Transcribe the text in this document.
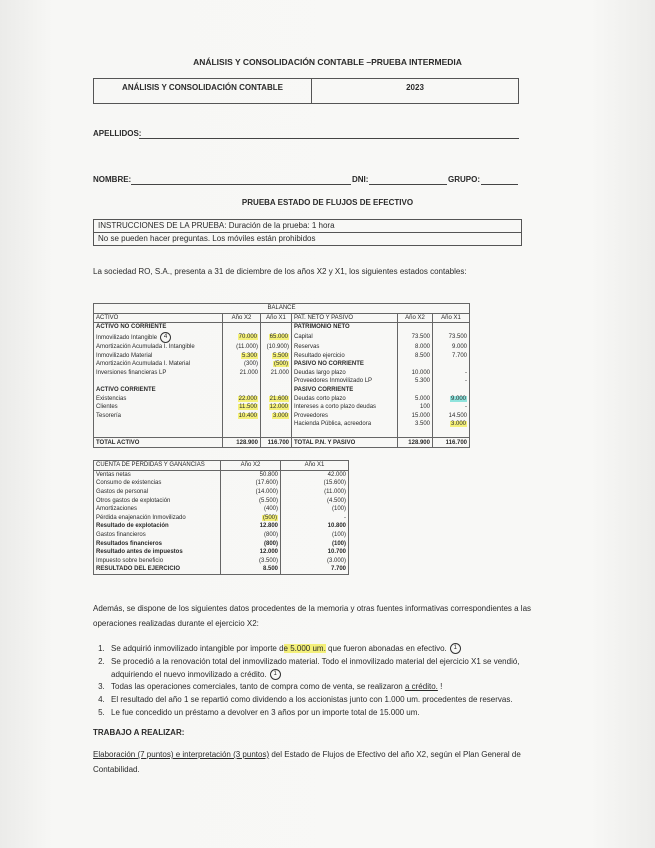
ANÁLISIS Y CONSOLIDACIÓN CONTABLE –PRUEBA INTERMEDIA
ANÁLISIS Y CONSOLIDACIÓN CONTABLE	2023
APELLIDOS:
NOMBRE:	DNI:	GRUPO:
PRUEBA ESTADO DE FLUJOS DE EFECTIVO
INSTRUCCIONES DE LA PRUEBA: Duración de la prueba: 1 hora
No se pueden hacer preguntas. Los móviles están prohibidos
La sociedad RO, S.A., presenta a 31 de diciembre de los años X2 y X1, los siguientes estados contables:
BALANCE					
ACTIVO	Año X2	Año X1	PAT. NETO Y PASIVO	Año X2	Año X1
ACTIVO NO CORRIENTE			PATRIMONIO NETO		
Inmovilizado Intangible 4	70.000	65.000	Capital	73.500	73.500
Amortización Acumulada I. Intangible	(11.000)	(10.900)	Reservas	8.000	9.000
Inmovilizado Material	5.300	5.500	Resultado ejercicio	8.500	7.700
Amortización Acumulada I. Material	(300)	(500)	PASIVO NO CORRIENTE		
Inversiones financieras LP	21.000	21.000	Deudas largo plazo	10.000	-
			Proveedores Inmovilizado LP	5.300	-
ACTIVO CORRIENTE			PASIVO CORRIENTE		
Existencias	22.000	21.600	Deudas corto plazo	5.000	9.000
Clientes	11.500	12.000	Intereses a corto plazo deudas	100	-
Tesorería	10.400	3.000	Proveedores	15.000	14.500
			Hacienda Pública, acreedora	3.500	3.000

TOTAL ACTIVO	128.900	116.700	TOTAL P.N. Y PASIVO	128.900	116.700
CUENTA DE PÉRDIDAS Y GANANCIAS	Año X2	Año X1
Ventas netas	50.800	42.000
Consumo de existencias	(17.600)	(15.600)
Gastos de personal	(14.000)	(11.000)
Otros gastos de explotación	(5.500)	(4.500)
Amortizaciones	(400)	(100)
Pérdida enajenación Inmovilizado	(500)	-
Resultado de explotación	12.800	10.800
Gastos financieros	(800)	(100)
Resultados financieros	(800)	(100)
Resultado antes de impuestos	12.000	10.700
Impuesto sobre beneficio	(3.500)	(3.000)
RESULTADO DEL EJERCICIO	8.500	7.700
Además, se dispone de los siguientes datos procedentes de la memoria y otras fuentes informativas correspondientes a las operaciones realizadas durante el ejercicio X2:
1. Se adquirió inmovilizado intangible por importe de 5.000 um. que fueron abonadas en efectivo. 1
2. Se procedió a la renovación total del inmovilizado material. Todo el inmovilizado material del ejercicio X1 se vendió, adquiriendo el nuevo inmovilizado a crédito. 1
3. Todas las operaciones comerciales, tanto de compra como de venta, se realizaron a crédito. !
4. El resultado del año 1 se repartió como dividendo a los accionistas junto con 1.000 um. procedentes de reservas.
5. Le fue concedido un préstamo a devolver en 3 años por un importe total de 15.000 um.
TRABAJO A REALIZAR:
Elaboración (7 puntos) e interpretación (3 puntos) del Estado de Flujos de Efectivo del año X2, según el Plan General de Contabilidad.
